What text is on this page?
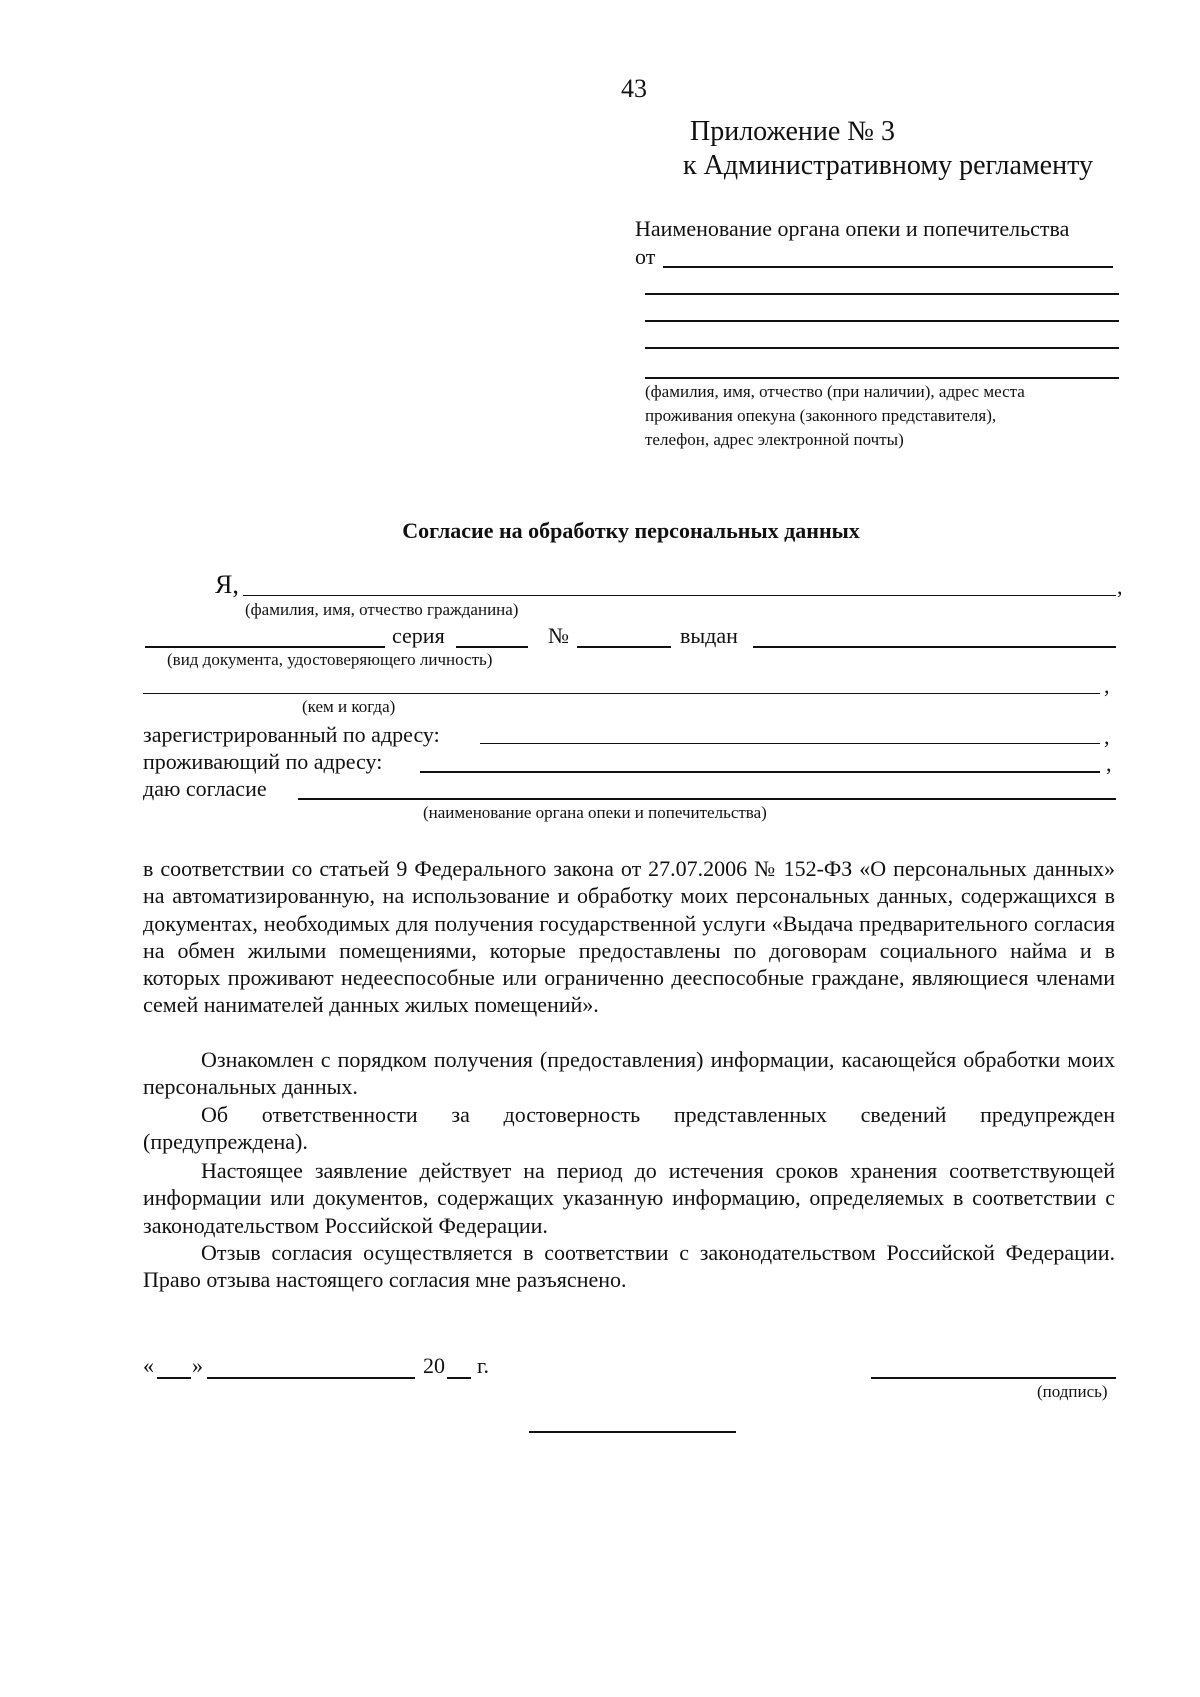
43
Приложение № 3
к Административному регламенту
Наименование органа опеки и попечительства
от
(фамилия, имя, отчество (при наличии), адрес места
проживания опекуна (законного представителя),
телефон, адрес электронной почты)
Согласие на обработку персональных данных
Я,	,
(фамилия, имя, отчество гражданина)
серия	№	выдан
(вид документа, удостоверяющего личность)
,
(кем и когда)
зарегистрированный по адресу:	,
проживающий по адресу:	,
даю согласие
(наименование органа опеки и попечительства)
в соответствии со статьей 9 Федерального закона от 27.07.2006 № 152-ФЗ «О персональных данных» на автоматизированную, на использование и обработку моих персональных данных, содержащихся в документах, необходимых для получения государственной услуги «Выдача предварительного согласия на обмен жилыми помещениями, которые предоставлены по договорам социального найма и в которых проживают недееспособные или ограниченно дееспособные граждане, являющиеся членами семей нанимателей данных жилых помещений».
Ознакомлен с порядком получения (предоставления) информации, касающейся обработки моих персональных данных.
Об ответственности за достоверность представленных сведений предупрежден (предупреждена).
Настоящее заявление действует на период до истечения сроков хранения соответствующей информации или документов, содержащих указанную информацию, определяемых в соответствии с законодательством Российской Федерации.
Отзыв согласия осуществляется в соответствии с законодательством Российской Федерации. Право отзыва настоящего согласия мне разъяснено.
« »	20 г.
(подпись)
